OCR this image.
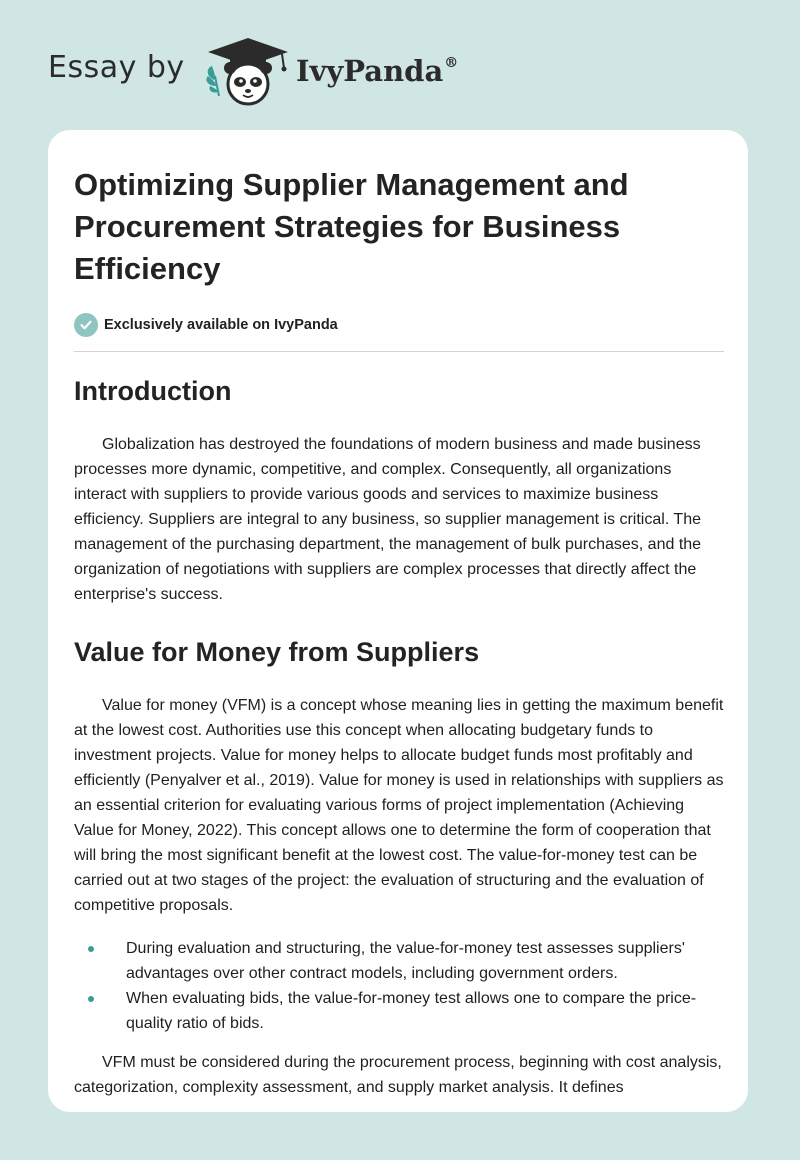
Essay by	IvyPanda®
Optimizing Supplier Management and Procurement Strategies for Business Efficiency
Exclusively available on IvyPanda
Introduction

Globalization has destroyed the foundations of modern business and made business processes more dynamic, competitive, and complex. Consequently, all organizations interact with suppliers to provide various goods and services to maximize business efficiency. Suppliers are integral to any business, so supplier management is critical. The management of the purchasing department, the management of bulk purchases, and the organization of negotiations with suppliers are complex processes that directly affect the enterprise's success.

Value for Money from Suppliers

Value for money (VFM) is a concept whose meaning lies in getting the maximum benefit at the lowest cost. Authorities use this concept when allocating budgetary funds to investment projects. Value for money helps to allocate budget funds most profitably and efficiently (Penyalver et al., 2019). Value for money is used in relationships with suppliers as an essential criterion for evaluating various forms of project implementation (Achieving Value for Money, 2022). This concept allows one to determine the form of cooperation that will bring the most significant benefit at the lowest cost. The value-for-money test can be carried out at two stages of the project: the evaluation of structuring and the evaluation of competitive proposals.

During evaluation and structuring, the value-for-money test assesses suppliers' advantages over other contract models, including government orders.
When evaluating bids, the value-for-money test allows one to compare the price-quality ratio of bids.

VFM must be considered during the procurement process, beginning with cost analysis, categorization, complexity assessment, and supply market analysis. It defines
